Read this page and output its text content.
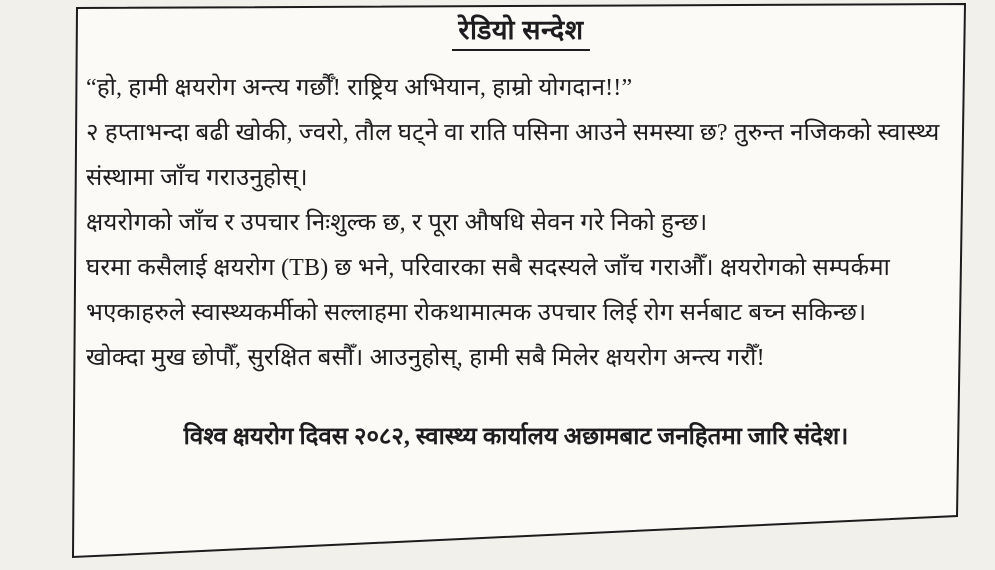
रेडियो सन्देश

“हो, हामी क्षयरोग अन्त्य गर्छौँ! राष्ट्रिय अभियान, हाम्रो योगदान!!”

२ हप्ताभन्दा बढी खोकी, ज्वरो, तौल घट्ने वा राति पसिना आउने समस्या छ? तुरुन्त नजिकको स्वास्थ्य

संस्थामा जाँच गराउनुहोस्।

क्षयरोगको जाँच र उपचार निःशुल्क छ, र पूरा औषधि सेवन गरे निको हुन्छ।

घरमा कसैलाई क्षयरोग (TB) छ भने, परिवारका सबै सदस्यले जाँच गराऔँ। क्षयरोगको सम्पर्कमा

भएकाहरुले स्वास्थ्यकर्मीको सल्लाहमा रोकथामात्मक उपचार लिई रोग सर्नबाट बच्न सकिन्छ।

खोक्दा मुख छोपौँ, सुरक्षित बसौँ। आउनुहोस्, हामी सबै मिलेर क्षयरोग अन्त्य गरौँ!

विश्व क्षयरोग दिवस २०८२, स्वास्थ्य कार्यालय अछामबाट जनहितमा जारि संदेश।
